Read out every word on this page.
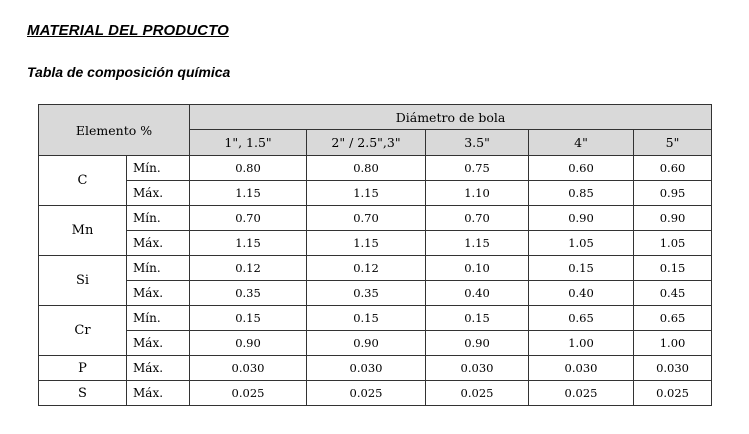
MATERIAL DEL PRODUCTO
Tabla de composición química
Elemento %		Diámetro de bola				
		1", 1.5"	2" / 2.5",3"	3.5"	4"	5"
C	Mín.	0.80	0.80	0.75	0.60	0.60
	Máx.	1.15	1.15	1.10	0.85	0.95
Mn	Mín.	0.70	0.70	0.70	0.90	0.90
	Máx.	1.15	1.15	1.15	1.05	1.05
Si	Mín.	0.12	0.12	0.10	0.15	0.15
	Máx.	0.35	0.35	0.40	0.40	0.45
Cr	Mín.	0.15	0.15	0.15	0.65	0.65
	Máx.	0.90	0.90	0.90	1.00	1.00
P	Máx.	0.030	0.030	0.030	0.030	0.030
S	Máx.	0.025	0.025	0.025	0.025	0.025
